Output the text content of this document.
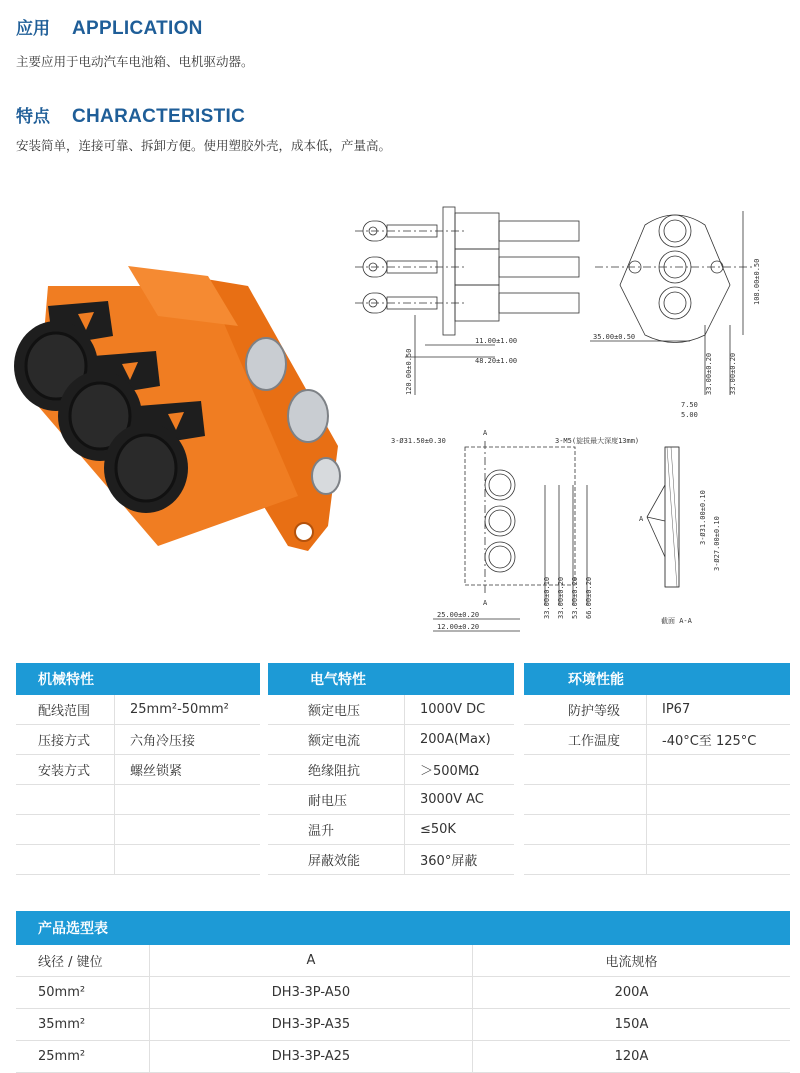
应用 APPLICATION
主要应用于电动汽车电池箱、电机驱动器。
特点 CHARACTERISTIC
安装简单，连接可靠、拆卸方便。使用塑胶外壳，成本低，产量高。
11.00±1.00
48.20±1.00
120.00±0.50
35.00±0.50
108.00±0.50
33.00±0.20 33.00±0.20
3-Ø31.50±0.30	3-M5(旋拔最大深度13mm)
A
A	33.00±0.10 33.00±0.20 53.00±0.20 66.00±0.20
25.00±0.20
12.00±0.20
7.50
5.00
A	3-Ø31.00±0.10 3-Ø27.00±0.10
截面 A-A
机械特性	
配线范围	25mm²-50mm²
压接方式	六角冷压接
安装方式	螺丝锁紧

电气特性	
额定电压	1000V DC
额定电流	200A(Max)
绝缘阻抗	＞500MΩ
耐电压	3000V AC
温升	≤50K
屏蔽效能	360°屏蔽
环境性能	
防护等级	IP67
工作温度	-40°C至 125°C

产品选型表		
线径 / 键位	A	电流规格
50mm²	DH3-3P-A50	200A
35mm²	DH3-3P-A35	150A
25mm²	DH3-3P-A25	120A
